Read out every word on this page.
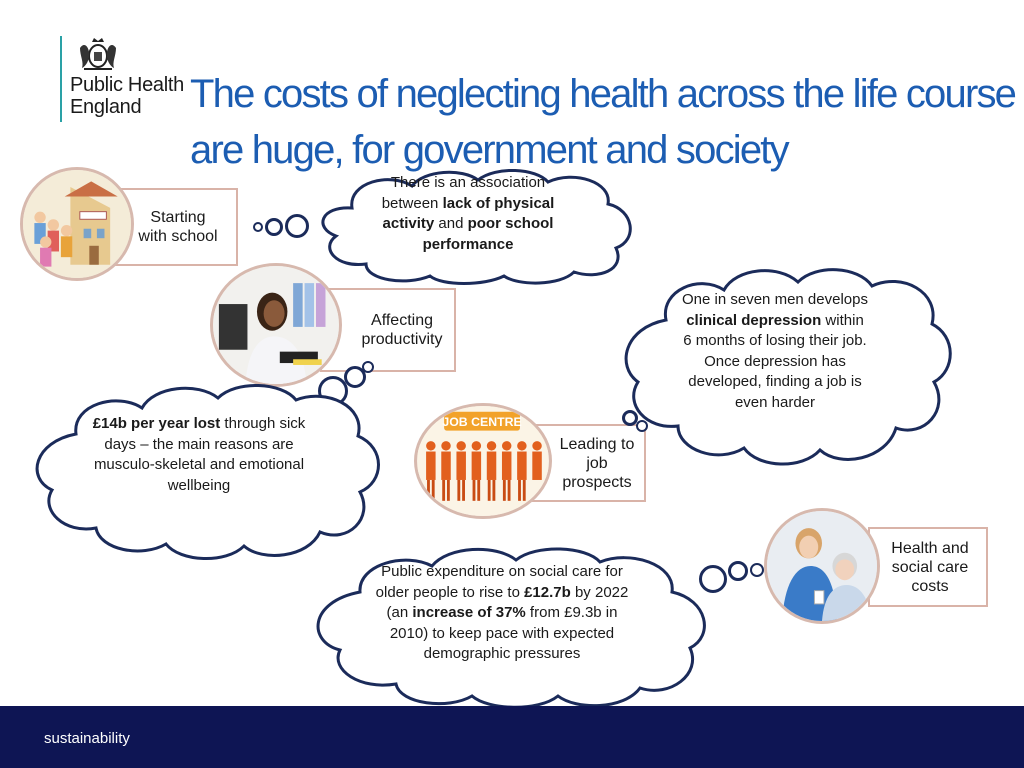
Public Health
England	The costs of neglecting health across the life course are huge, for government and society
Starting with school
There is an association between lack of physical activity and poor school performance
Affecting productivity
£14b per year lost through sick days – the main reasons are musculo-skeletal and emotional wellbeing
Leading to job prospects
JOB CENTRE
One in seven men develops clinical depression within 6 months of losing their job. Once depression has developed, finding a job is even harder
Health and social care costs
Public expenditure on social care for older people to rise to £12.7b by 2022 (an increase of 37% from £9.3b in 2010) to keep pace with expected demographic pressures
sustainability
